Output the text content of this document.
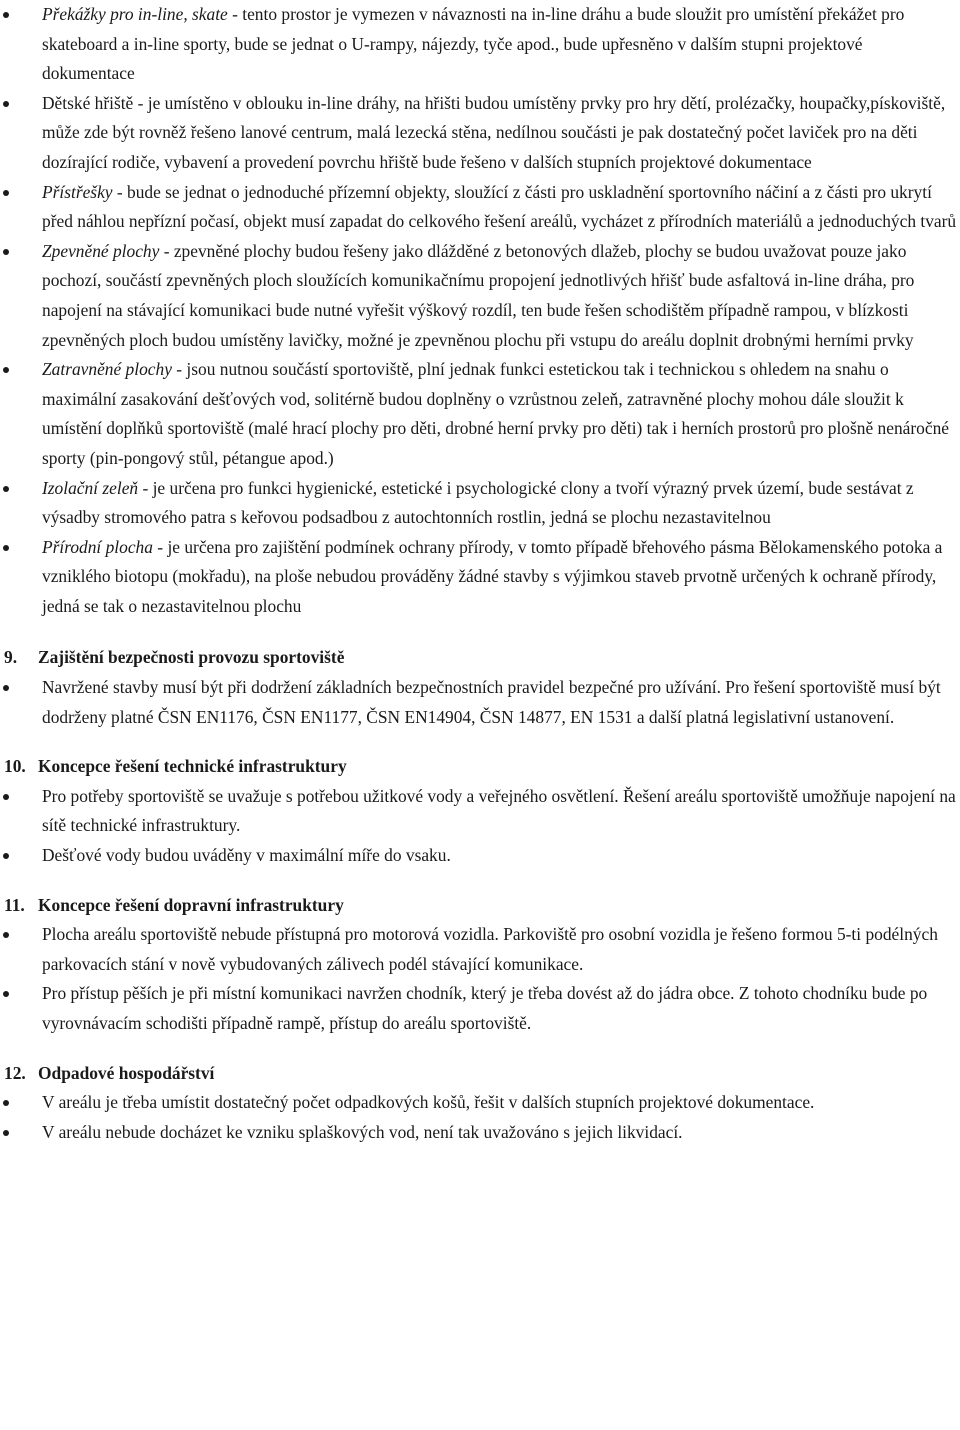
Překážky pro in-line, skate - tento prostor je vymezen v návaznosti na in-line dráhu a bude sloužit pro umístění překážet pro skateboard a in-line sporty, bude se jednat o U-rampy, nájezdy, tyče apod., bude upřesněno v dalším stupni projektové dokumentace
Dětské hřiště - je umístěno v oblouku in-line dráhy, na hřišti budou umístěny prvky pro hry dětí, prolézačky, houpačky,pískoviště, může zde být rovněž řešeno lanové centrum, malá lezecká stěna, nedílnou součásti je pak dostatečný počet laviček pro na děti dozírající rodiče, vybavení a provedení povrchu hřiště bude řešeno v dalších stupních projektové dokumentace
Přístřešky - bude se jednat o jednoduché přízemní objekty, sloužící z části pro uskladnění sportovního náčiní a z části pro ukrytí před náhlou nepřízní počasí, objekt musí zapadat do celkového řešení areálů, vycházet z přírodních materiálů a jednoduchých tvarů
Zpevněné plochy - zpevněné plochy budou řešeny jako dlážděné z betonových dlažeb, plochy se budou uvažovat pouze jako pochozí, součástí zpevněných ploch sloužících komunikačnímu propojení jednotlivých hřišť bude asfaltová in-line dráha, pro napojení na stávající komunikaci bude nutné vyřešit výškový rozdíl, ten bude řešen schodištěm případně rampou, v blízkosti zpevněných ploch budou umístěny lavičky, možné je zpevněnou plochu při vstupu do areálu doplnit drobnými herními prvky
Zatravněné plochy - jsou nutnou součástí sportoviště, plní jednak funkci estetickou tak i technickou s ohledem na snahu o maximální zasakování dešťových vod, solitérně budou doplněny o vzrůstnou zeleň, zatravněné plochy mohou dále sloužit k umístění doplňků sportoviště (malé hrací plochy pro děti, drobné herní prvky pro děti) tak i herních prostorů pro plošně nenáročné sporty (pin-pongový stůl, pétangue apod.)
Izolační zeleň - je určena pro funkci hygienické, estetické i psychologické clony a tvoří výrazný prvek území, bude sestávat z výsadby stromového patra s keřovou podsadbou z autochtonních rostlin, jedná se plochu nezastavitelnou
Přírodní plocha - je určena pro zajištění podmínek ochrany přírody, v tomto případě břehového pásma Bělokamenského potoka a vzniklého biotopu (mokřadu), na ploše nebudou prováděny žádné stavby s výjimkou staveb prvotně určených k ochraně přírody, jedná se tak o nezastavitelnou plochu

9. Zajištění bezpečnosti provozu sportoviště

Navržené stavby musí být při dodržení základních bezpečnostních pravidel bezpečné pro užívání. Pro řešení sportoviště musí být dodrženy platné ČSN EN1176, ČSN EN1177, ČSN EN14904, ČSN 14877, EN 1531 a další platná legislativní ustanovení.

10. Koncepce řešení technické infrastruktury

Pro potřeby sportoviště se uvažuje s potřebou užitkové vody a veřejného osvětlení. Řešení areálu sportoviště umožňuje napojení na sítě technické infrastruktury.
Dešťové vody budou uváděny v maximální míře do vsaku.

11. Koncepce řešení dopravní infrastruktury

Plocha areálu sportoviště nebude přístupná pro motorová vozidla. Parkoviště pro osobní vozidla je řešeno formou 5-ti podélných parkovacích stání v nově vybudovaných zálivech podél stávající komunikace.
Pro přístup pěších je při místní komunikaci navržen chodník, který je třeba dovést až do jádra obce. Z tohoto chodníku bude po vyrovnávacím schodišti případně rampě, přístup do areálu sportoviště.

12. Odpadové hospodářství

V areálu je třeba umístit dostatečný počet odpadkových košů, řešit v dalších stupních projektové dokumentace.
V areálu nebude docházet ke vzniku splaškových vod, není tak uvažováno s jejich likvidací.
